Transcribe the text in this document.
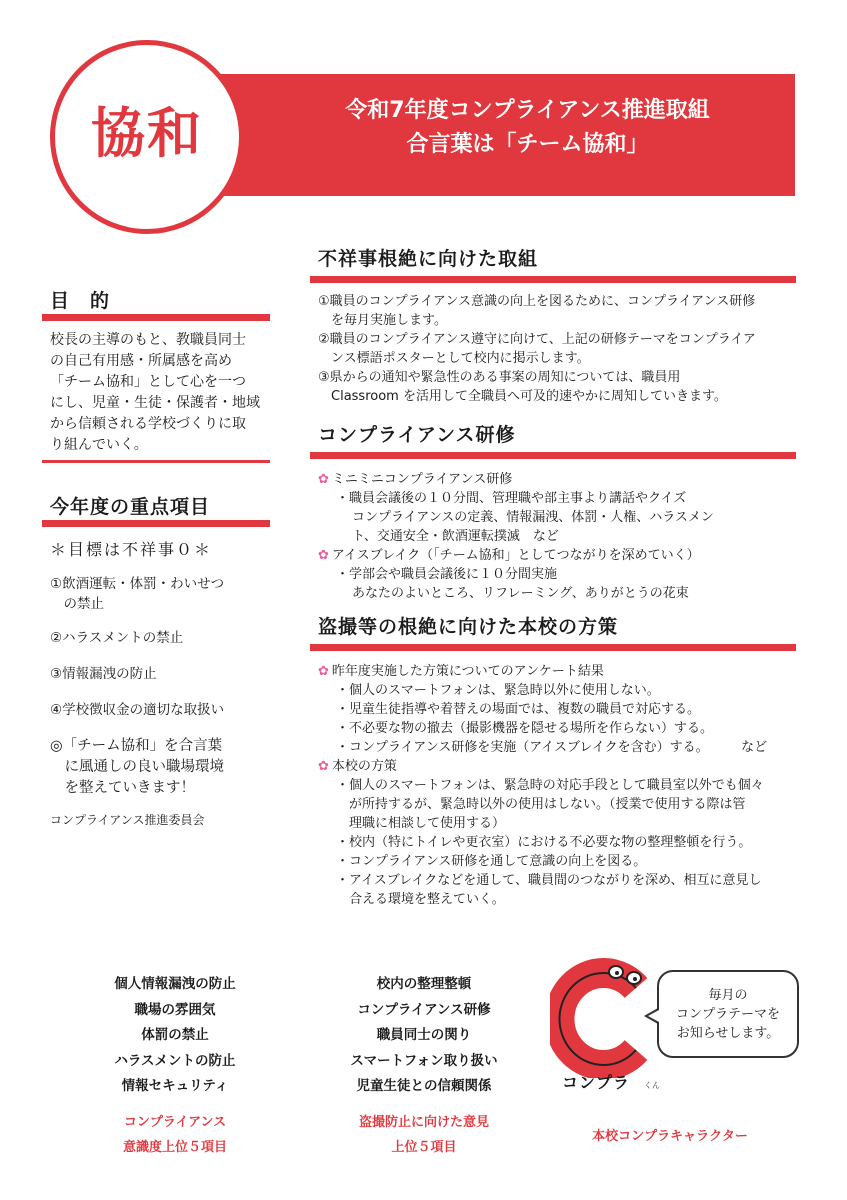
令和7年度コンプライアンス推進取組
合言葉は「チーム協和」
協和
目　的
校長の主導のもと、教職員同士
の自己有用感・所属感を高め
「チーム協和」として心を一つ
にし、児童・生徒・保護者・地域
から信頼される学校づくりに取
り組んでいく。
今年度の重点項目
＊目標は不祥事０＊
①飲酒運転・体罰・わいせつ
　の禁止
②ハラスメントの禁止
③情報漏洩の防止
④学校徴収金の適切な取扱い
◎「チーム協和」を合言葉
　に風通しの良い職場環境
　を整えていきます！
コンプライアンス推進委員会
不祥事根絶に向けた取組
①職員のコンプライアンス意識の向上を図るために、コンプライアンス研修
　を毎月実施します。
②職員のコンプライアンス遵守に向けて、上記の研修テーマをコンプライア
　ンス標語ポスターとして校内に掲示します。
③県からの通知や緊急性のある事案の周知については、職員用
　Classroom を活用して全職員へ可及的速やかに周知していきます。
コンプライアンス研修
✿ ミニミニコンプライアンス研修
・職員会議後の１０分間、管理職や部主事より講話やクイズ
コンプライアンスの定義、情報漏洩、体罰・人権、ハラスメン
ト、交通安全・飲酒運転撲滅　など
✿ アイスブレイク（「チーム協和」としてつながりを深めていく）
・学部会や職員会議後に１０分間実施
あなたのよいところ、リフレーミング、ありがとうの花束
盗撮等の根絶に向けた本校の方策
✿ 昨年度実施した方策についてのアンケート結果
・個人のスマートフォンは、緊急時以外に使用しない。
・児童生徒指導や着替えの場面では、複数の職員で対応する。
・不必要な物の撤去（撮影機器を隠せる場所を作らない）する。
・コンプライアンス研修を実施（アイスブレイクを含む）する。　　　など
✿ 本校の方策
・個人のスマートフォンは、緊急時の対応手段として職員室以外でも個々
　が所持するが、緊急時以外の使用はしない。（授業で使用する際は管
　理職に相談して使用する）
・校内（特にトイレや更衣室）における不必要な物の整理整頓を行う。
・コンプライアンス研修を通して意識の向上を図る。
・アイスブレイクなどを通して、職員間のつながりを深め、相互に意見し
　合える環境を整えていく。
個人情報漏洩の防止
職場の雰囲気
体罰の禁止
ハラスメントの防止
情報セキュリティ
コンプライアンス
意識度上位５項目
校内の整理整頓
コンプライアンス研修
職員同士の関り
スマートフォン取り扱い
児童生徒との信頼関係
盗撮防止に向けた意見
上位５項目
毎月の
コンプラテーマを
お知らせします。
コンプラ くん
本校コンプラキャラクター
